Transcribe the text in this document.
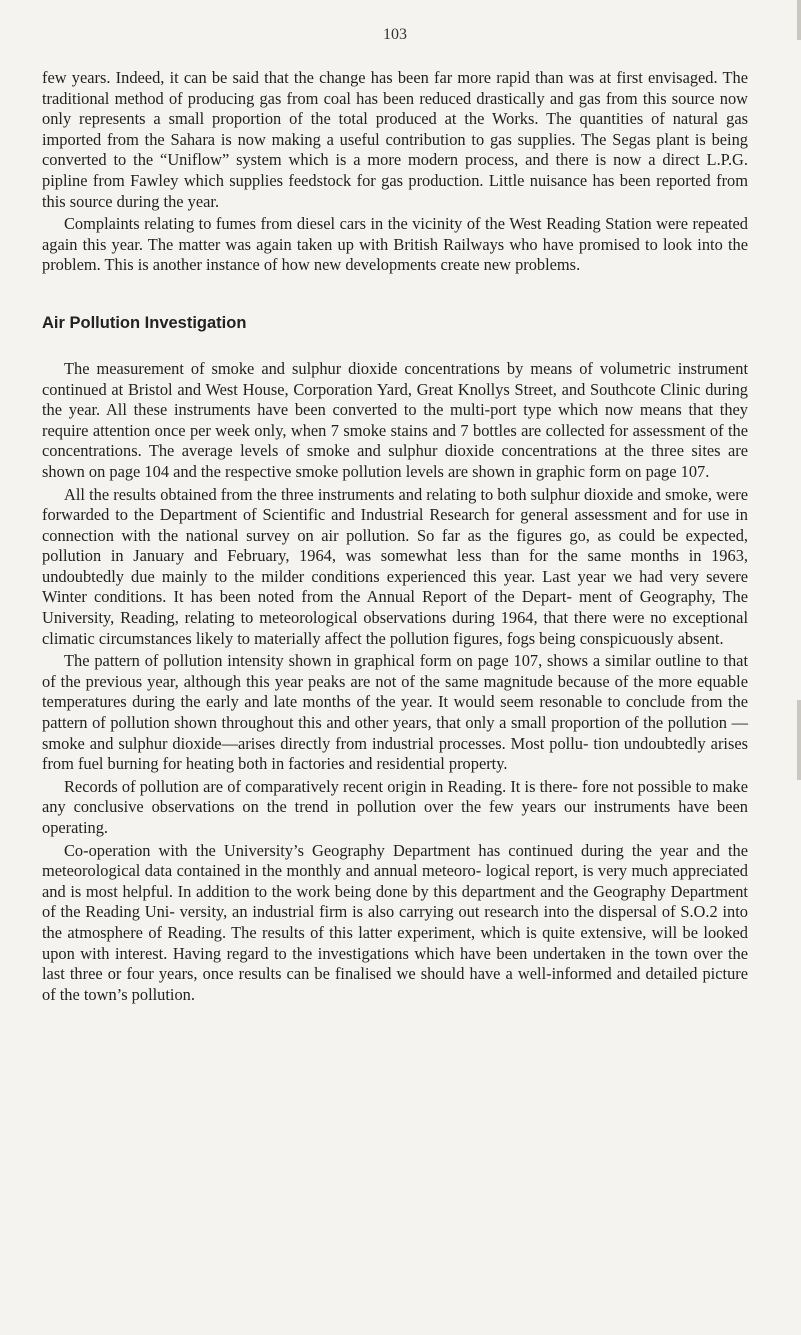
103

few years. Indeed, it can be said that the change has been far more rapid than was at first envisaged. The traditional method of producing gas from coal has been reduced drastically and gas from this source now only represents a small proportion of the total produced at the Works. The quantities of natural gas imported from the Sahara is now making a useful contribution to gas supplies. The Segas plant is being converted to the “Uniflow” system which is a more modern process, and there is now a direct L.P.G. pipline from Fawley which supplies feedstock for gas production. Little nuisance has been reported from this source during the year.

Complaints relating to fumes from diesel cars in the vicinity of the West Reading Station were repeated again this year. The matter was again taken up with British Railways who have promised to look into the problem. This is another instance of how new developments create new problems.

Air Pollution Investigation

The measurement of smoke and sulphur dioxide concentrations by means of volumetric instrument continued at Bristol and West House, Corporation Yard, Great Knollys Street, and Southcote Clinic during the year. All these instruments have been converted to the multi-port type which now means that they require attention once per week only, when 7 smoke stains and 7 bottles are collected for assessment of the concentrations. The average levels of smoke and sulphur dioxide concentrations at the three sites are shown on page 104 and the respective smoke pollution levels are shown in graphic form on page 107.

All the results obtained from the three instruments and relating to both sulphur dioxide and smoke, were forwarded to the Department of Scientific and Industrial Research for general assessment and for use in connection with the national survey on air pollution. So far as the figures go, as could be expected, pollution in January and February, 1964, was somewhat less than for the same months in 1963, undoubtedly due mainly to the milder conditions experienced this year. Last year we had very severe Winter conditions. It has been noted from the Annual Report of the Depart- ment of Geography, The University, Reading, relating to meteorological observations during 1964, that there were no exceptional climatic circumstances likely to materially affect the pollution figures, fogs being conspicuously absent.

The pattern of pollution intensity shown in graphical form on page 107, shows a similar outline to that of the previous year, although this year peaks are not of the same magnitude because of the more equable temperatures during the early and late months of the year. It would seem resonable to conclude from the pattern of pollution shown throughout this and other years, that only a small proportion of the pollution —smoke and sulphur dioxide—arises directly from industrial processes. Most pollu- tion undoubtedly arises from fuel burning for heating both in factories and residential property.

Records of pollution are of comparatively recent origin in Reading. It is there- fore not possible to make any conclusive observations on the trend in pollution over the few years our instruments have been operating.

Co-operation with the University’s Geography Department has continued during the year and the meteorological data contained in the monthly and annual meteoro- logical report, is very much appreciated and is most helpful. In addition to the work being done by this department and the Geography Department of the Reading Uni- versity, an industrial firm is also carrying out research into the dispersal of S.O.2 into the atmosphere of Reading. The results of this latter experiment, which is quite extensive, will be looked upon with interest. Having regard to the investigations which have been undertaken in the town over the last three or four years, once results can be finalised we should have a well-informed and detailed picture of the town’s pollution.
